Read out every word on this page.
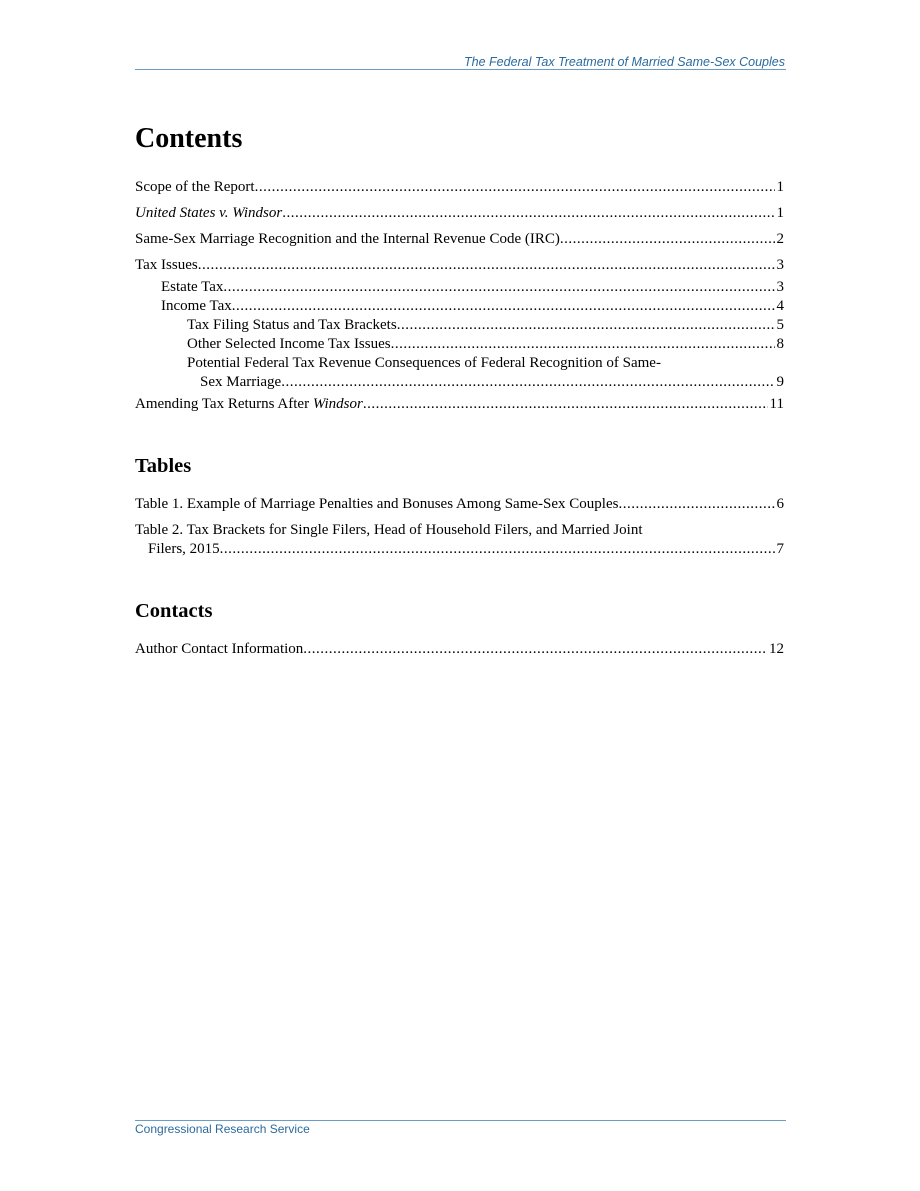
The Federal Tax Treatment of Married Same-Sex Couples
Contents
Scope of the Report .....	1
United States v. Windsor .....	1
Same-Sex Marriage Recognition and the Internal Revenue Code (IRC) .....	2
Tax Issues .....	3
Estate Tax .....	3
Income Tax .....	4
Tax Filing Status and Tax Brackets .....	5
Other Selected Income Tax Issues .....	8
Potential Federal Tax Revenue Consequences of Federal Recognition of Same-
Sex Marriage .....	9
Amending Tax Returns After Windsor .....	11
Tables
Table 1. Example of Marriage Penalties and Bonuses Among Same-Sex Couples .....	6
Table 2. Tax Brackets for Single Filers, Head of Household Filers, and Married Joint
Filers, 2015 .....	7
Contacts
Author Contact Information .....	12
Congressional Research Service
